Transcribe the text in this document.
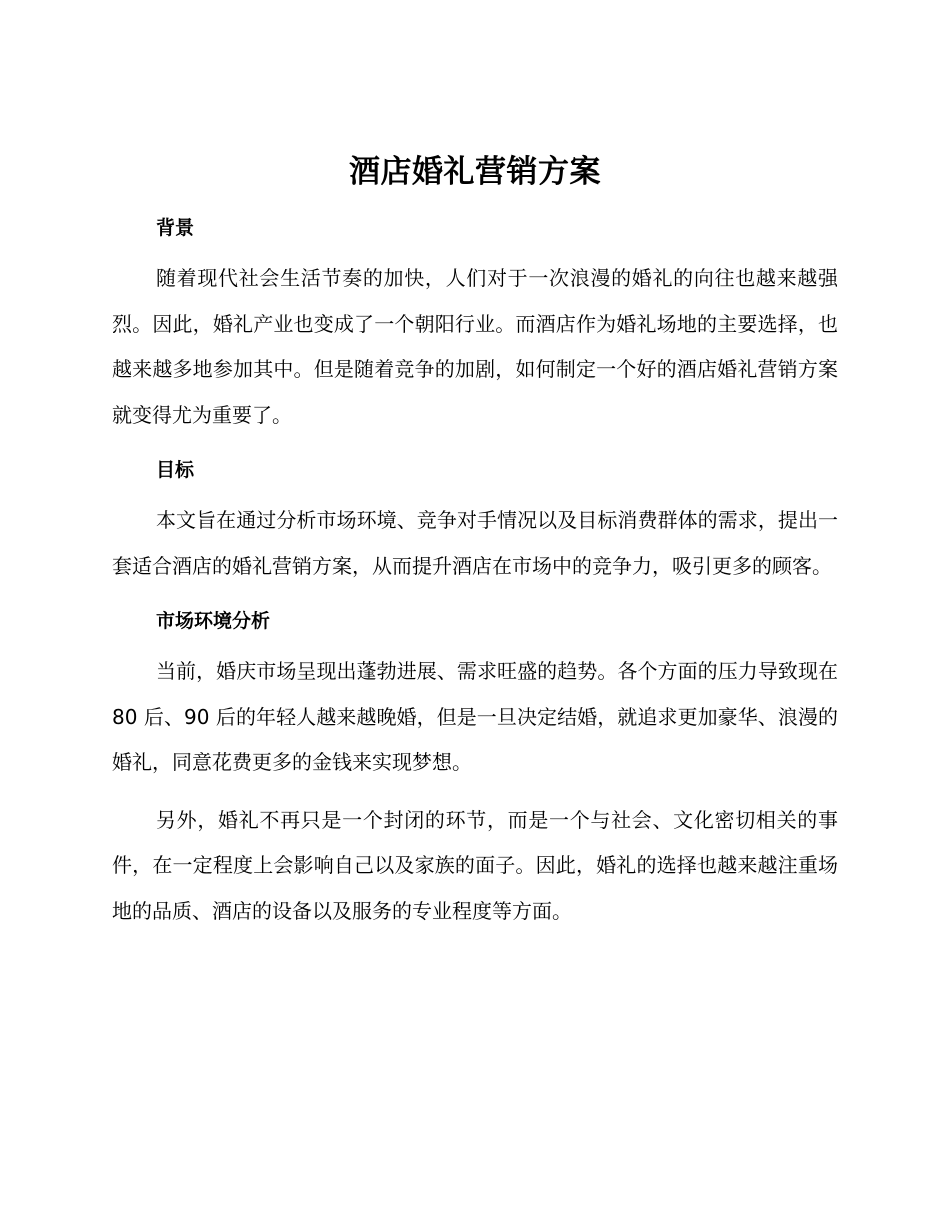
酒店婚礼营销方案
背景

随着现代社会生活节奏的加快，人们对于一次浪漫的婚礼的向往也越来越强烈。因此，婚礼产业也变成了一个朝阳行业。而酒店作为婚礼场地的主要选择，也越来越多地参加其中。但是随着竞争的加剧，如何制定一个好的酒店婚礼营销方案就变得尤为重要了。

目标

本文旨在通过分析市场环境、竞争对手情况以及目标消费群体的需求，提出一套适合酒店的婚礼营销方案，从而提升酒店在市场中的竞争力，吸引更多的顾客。

市场环境分析

当前，婚庆市场呈现出蓬勃进展、需求旺盛的趋势。各个方面的压力导致现在 80 后、90 后的年轻人越来越晚婚，但是一旦决定结婚，就追求更加豪华、浪漫的婚礼，同意花费更多的金钱来实现梦想。

另外，婚礼不再只是一个封闭的环节，而是一个与社会、文化密切相关的事件，在一定程度上会影响自己以及家族的面子。因此，婚礼的选择也越来越注重场地的品质、酒店的设备以及服务的专业程度等方面。
